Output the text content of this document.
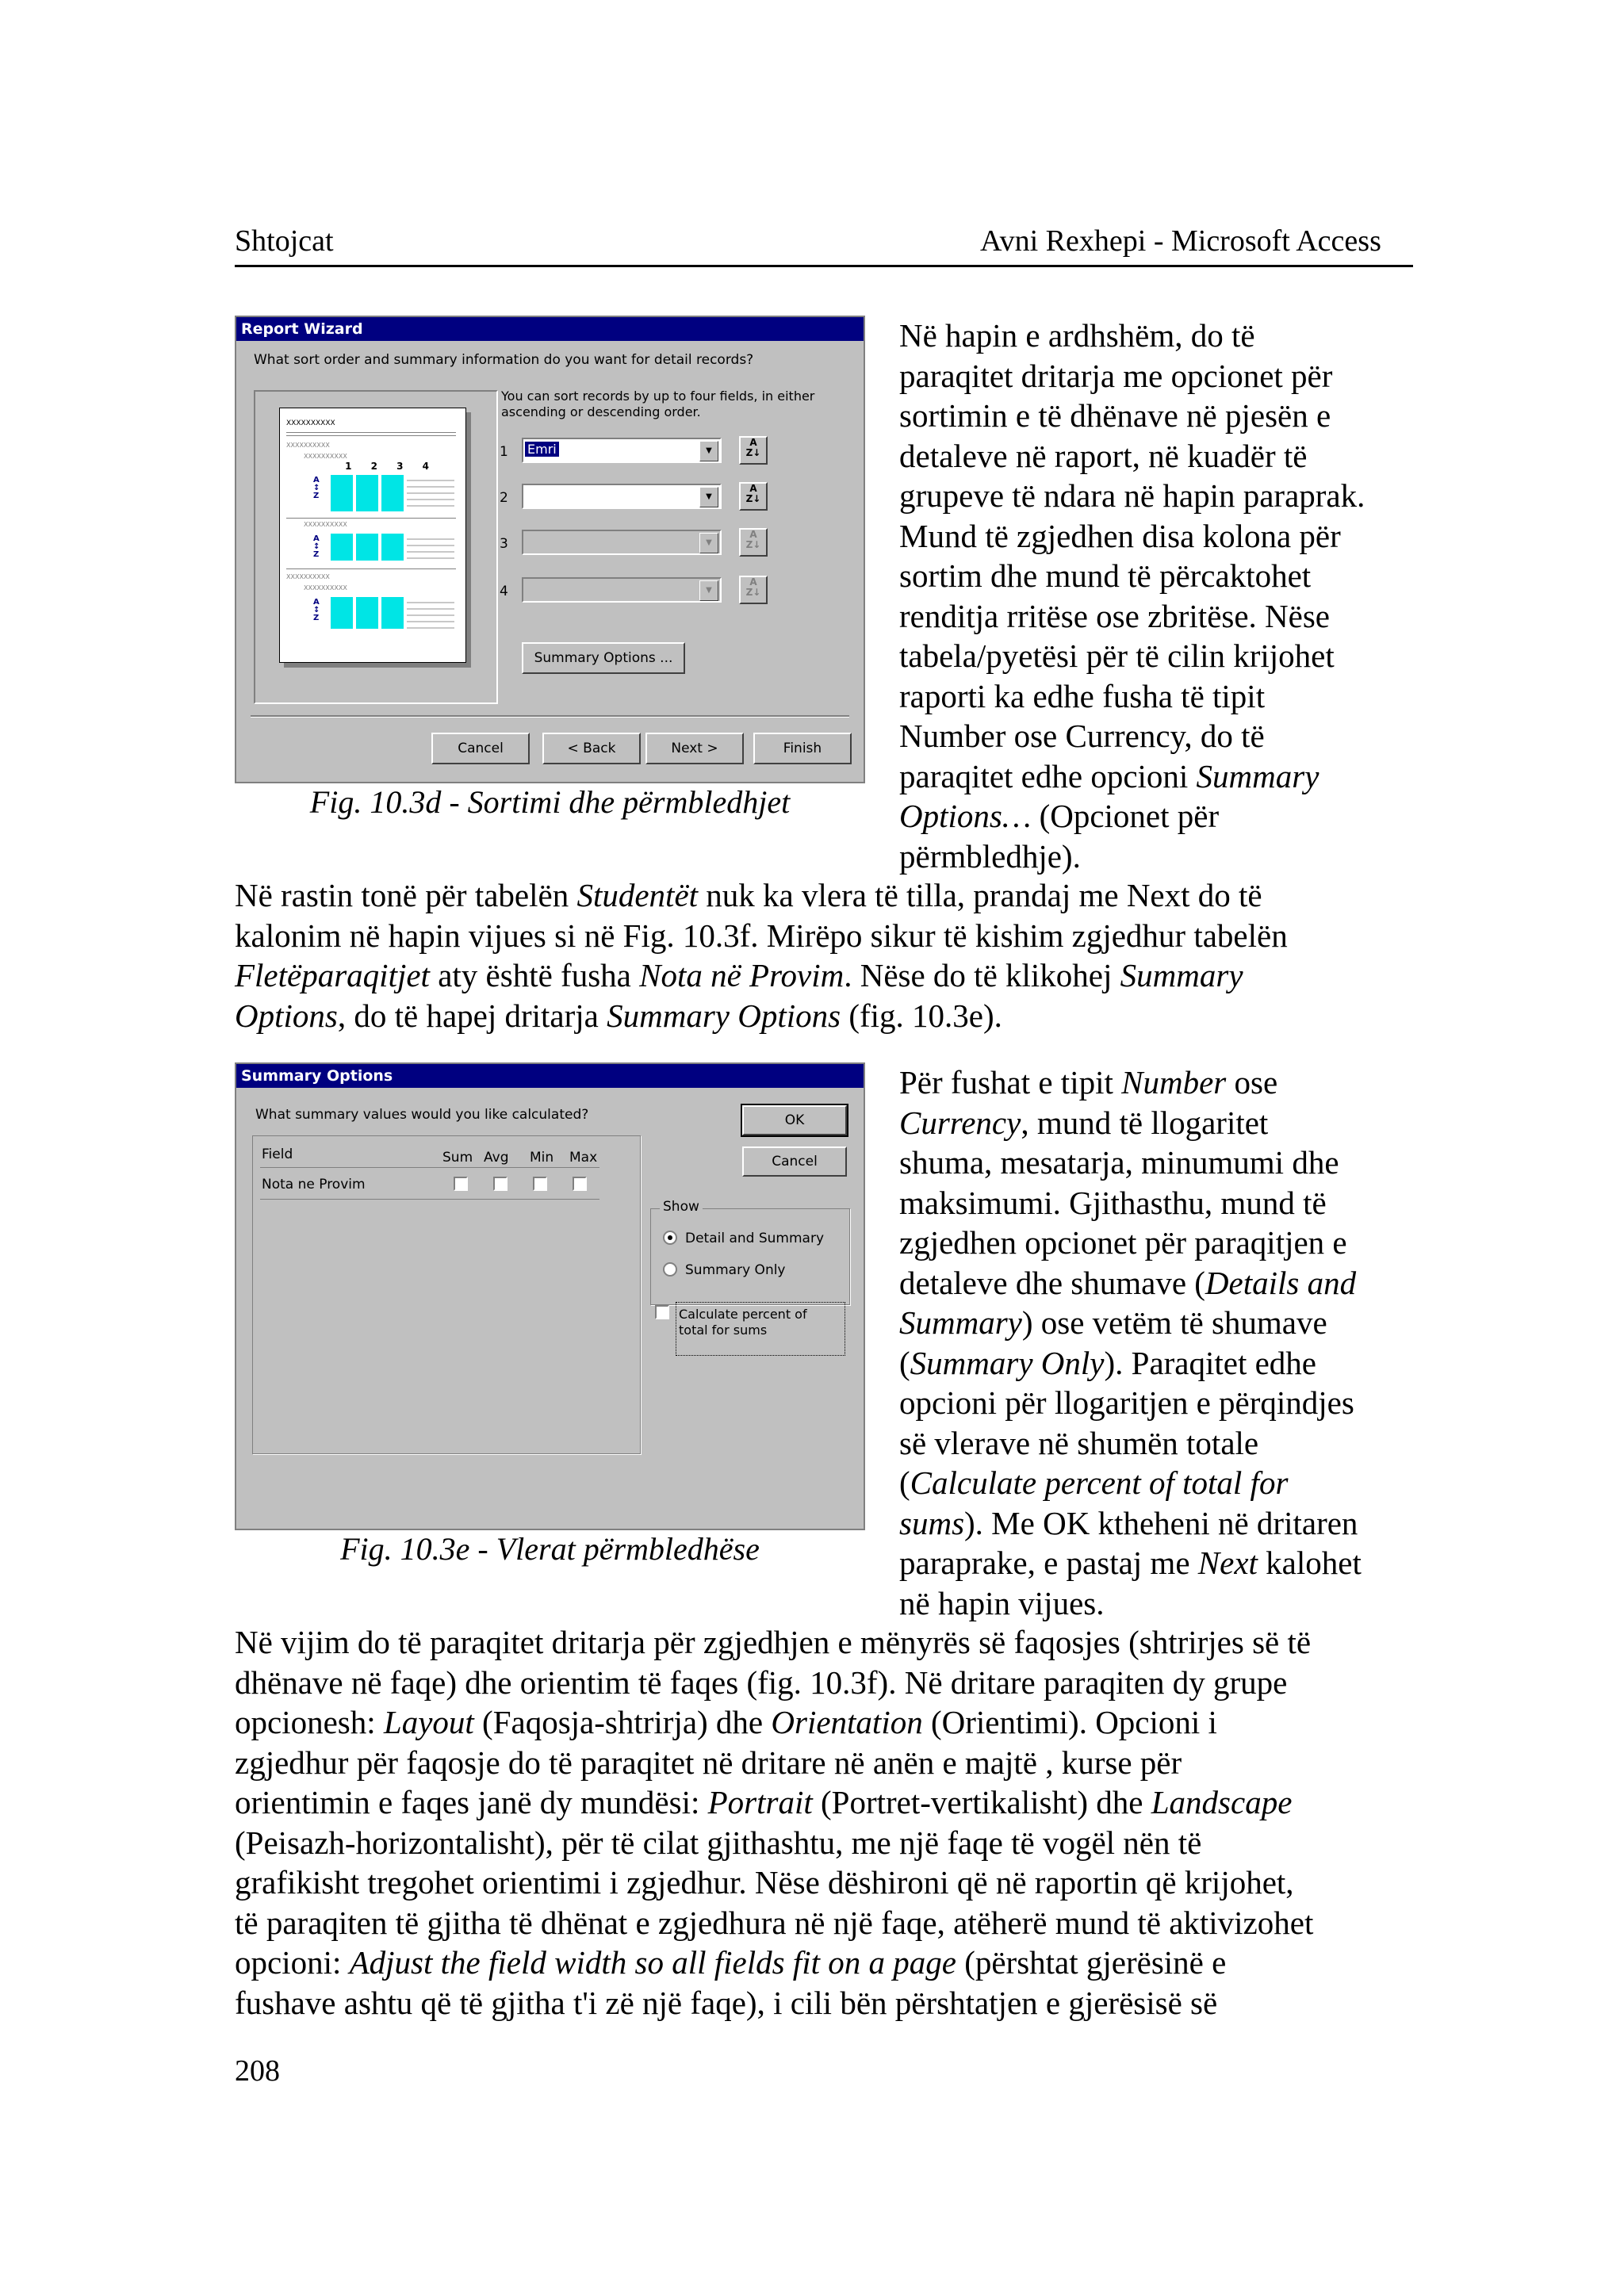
Shtojcat	Avni Rexhepi - Microsoft Access
Report Wizard
What sort order and summary information do you want for detail records?
XXXXXXXXXX
XXXXXXXXXX
XXXXXXXXXX
1 2 3 4
A
↕
Z
XXXXXXXXXX
A
↕
Z
XXXXXXXXXX
XXXXXXXXXX
A
↕
Z
You can sort records by up to four fields, in either ascending or descending order.
1 Emri	▼
A
Z↓
2	▼
A
Z↓
3	▼
A
Z↓
4	▼
A
Z↓
Summary Options ...
Cancel	< Back	Next >	Finish
Fig. 10.3d - Sortimi dhe përmbledhjet

Në hapin e ardhshëm, do të

paraqitet dritarja me opcionet për

sortimin e të dhënave në pjesën e

detaleve në raport, në kuadër të

grupeve të ndara në hapin paraprak.

Mund të zgjedhen disa kolona për

sortim dhe mund të përcaktohet

renditja rritëse ose zbritëse. Nëse

tabela/pyetësi për të cilin krijohet

raporti ka edhe fusha të tipit

Number ose Currency, do të

paraqitet edhe opcioni Summary

Options… (Opcionet për

përmbledhje).

Në rastin tonë për tabelën Studentët nuk ka vlera të tilla, prandaj me Next do të

kalonim në hapin vijues si në Fig. 10.3f. Mirëpo sikur të kishim zgjedhur tabelën

Fletëparaqitjet aty është fusha Nota në Provim. Nëse do të klikohej Summary

Options, do të hapej dritarja Summary Options (fig. 10.3e).

Summary Options
What summary values would you like calculated?
Field	Sum Avg Min Max
Nota ne Provim
OK
Cancel
Show
Detail and Summary
Summary Only
Calculate percent of
total for sums
Fig. 10.3e - Vlerat përmbledhëse

Për fushat e tipit Number ose

Currency, mund të llogaritet

shuma, mesatarja, minumumi dhe

maksimumi. Gjithasthu, mund të

zgjedhen opcionet për paraqitjen e

detaleve dhe shumave (Details and

Summary) ose vetëm të shumave

(Summary Only). Paraqitet edhe

opcioni për llogaritjen e përqindjes

së vlerave në shumën totale

(Calculate percent of total for

sums). Me OK ktheheni në dritaren

paraprake, e pastaj me Next kalohet

në hapin vijues.

Në vijim do të paraqitet dritarja për zgjedhjen e mënyrës së faqosjes (shtrirjes së të

dhënave në faqe) dhe orientim të faqes (fig. 10.3f). Në dritare paraqiten dy grupe

opcionesh: Layout (Faqosja-shtrirja) dhe Orientation (Orientimi). Opcioni i

zgjedhur për faqosje do të paraqitet në dritare në anën e majtë , kurse për

orientimin e faqes janë dy mundësi: Portrait (Portret-vertikalisht) dhe Landscape

(Peisazh-horizontalisht), për të cilat gjithashtu, me një faqe të vogël nën të

grafikisht tregohet orientimi i zgjedhur. Nëse dëshironi që në raportin që krijohet,

të paraqiten të gjitha të dhënat e zgjedhura në një faqe, atëherë mund të aktivizohet

opcioni: Adjust the field width so all fields fit on a page (përshtat gjerësinë e

fushave ashtu që të gjitha t'i zë një faqe), i cili bën përshtatjen e gjerësisë së

208
